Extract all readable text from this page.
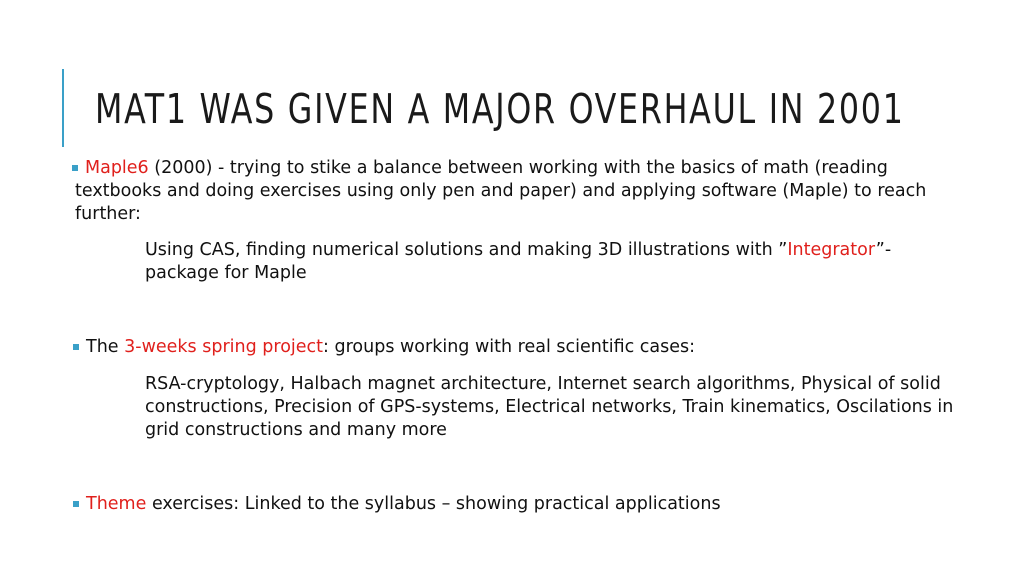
MAT1 WAS GIVEN A MAJOR OVERHAUL IN 2001
Maple6 (2000) - trying to stike a balance between working with the basics of math (reading textbooks and doing exercises using only pen and paper) and applying software (Maple) to reach further:
Using CAS, finding numerical solutions and making 3D illustrations with ”Integrator”-package for Maple
The 3-weeks spring project: groups working with real scientific cases:
RSA-cryptology, Halbach magnet architecture, Internet search algorithms, Physical of solid constructions, Precision of GPS-systems, Electrical networks, Train kinematics, Oscilations in grid constructions and many more
Theme exercises: Linked to the syllabus – showing practical applications
